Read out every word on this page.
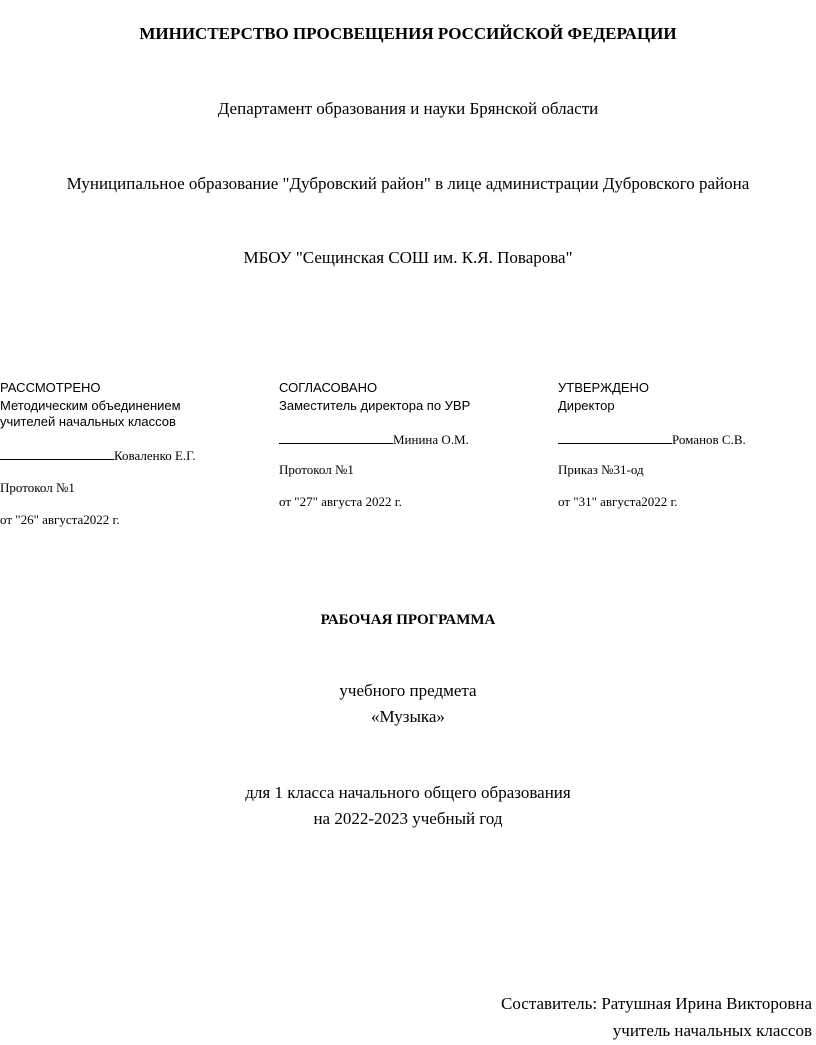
МИНИСТЕРСТВО ПРОСВЕЩЕНИЯ РОССИЙСКОЙ ФЕДЕРАЦИИ
Департамент образования и науки Брянской области
Муниципальное образование "Дубровский район" в лице администрации Дубровского района
МБОУ "Сещинская СОШ им. К.Я. Поварова"
РАССМОТРЕНО
Методическим объединением
учителей начальных классов
Коваленко Е.Г.
Протокол №1
от "26" августа2022 г.
СОГЛАСОВАНО
Заместитель директора по УВР
Минина О.М.
Протокол №1
от "27" августа 2022 г.
УТВЕРЖДЕНО
Директор
Романов С.В.
Приказ №31-од
от "31" августа2022 г.
РАБОЧАЯ ПРОГРАММА
учебного предмета
«Музыка»
для 1 класса начального общего образования
на 2022-2023 учебный год
Составитель: Ратушная Ирина Викторовна
учитель начальных классов
